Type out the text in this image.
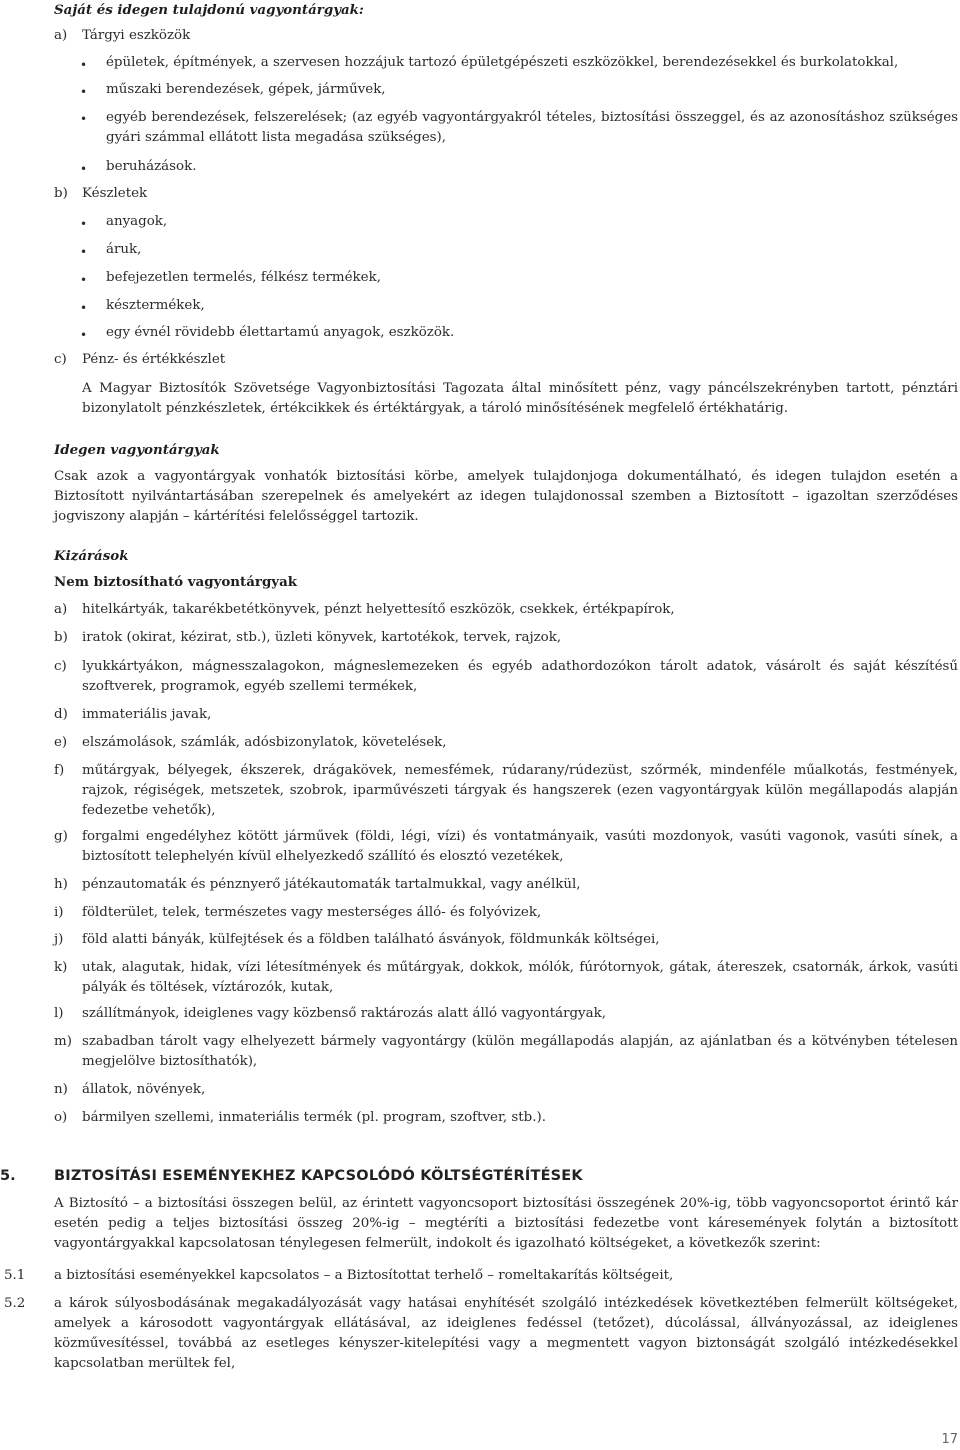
Saját és idegen tulajdonú vagyontárgyak:
a) Tárgyi eszközök
• épületek, építmények, a szervesen hozzájuk tartozó épületgépészeti eszközökkel, berendezésekkel és burkolatokkal,
• műszaki berendezések, gépek, járművek,
• egyéb berendezések, felszerelések; (az egyéb vagyontárgyakról tételes, biztosítási összeggel, és az azonosításhoz szükséges gyári számmal ellátott lista megadása szükséges),
• beruházások.
b) Készletek
• anyagok,
• áruk,
• befejezetlen termelés, félkész termékek,
• késztermékek,
• egy évnél rövidebb élettartamú anyagok, eszközök.
c) Pénz- és értékkészlet
A Magyar Biztosítók Szövetsége Vagyonbiztosítási Tagozata által minősített pénz, vagy páncélszekrényben tartott, pénztári bizonylatolt pénzkészletek, értékcikkek és értéktárgyak, a tároló minősítésének megfelelő értékhatárig.
Idegen vagyontárgyak
Csak azok a vagyontárgyak vonhatók biztosítási körbe, amelyek tulajdonjoga dokumentálható, és idegen tulajdon esetén a Biztosított nyilvántartásában szerepelnek és amelyekért az idegen tulajdonossal szemben a Biztosított – igazoltan szerződéses jogviszony alapján – kártérítési felelősséggel tartozik.
Kizárások
Nem biztosítható vagyontárgyak
a) hitelkártyák, takarékbetétkönyvek, pénzt helyettesítő eszközök, csekkek, értékpapírok,
b) iratok (okirat, kézirat, stb.), üzleti könyvek, kartotékok, tervek, rajzok,
c) lyukkártyákon, mágnesszalagokon, mágneslemezeken és egyéb adathordozókon tárolt adatok, vásárolt és saját készítésű szoftverek, programok, egyéb szellemi termékek,
d) immateriális javak,
e) elszámolások, számlák, adósbizonylatok, követelések,
f) műtárgyak, bélyegek, ékszerek, drágakövek, nemesfémek, rúdarany/rúdezüst, szőrmék, mindenféle műalkotás, festmények, rajzok, régiségek, metszetek, szobrok, iparművészeti tárgyak és hangszerek (ezen vagyontárgyak külön megállapodás alapján fedezetbe vehetők),
g) forgalmi engedélyhez kötött járművek (földi, légi, vízi) és vontatmányaik, vasúti mozdonyok, vasúti vagonok, vasúti sínek, a biztosított telephelyén kívül elhelyezkedő szállító és elosztó vezetékek,
h) pénzautomaták és pénznyerő játékautomaták tartalmukkal, vagy anélkül,
i) földterület, telek, természetes vagy mesterséges álló- és folyóvizek,
j) föld alatti bányák, külfejtések és a földben található ásványok, földmunkák költségei,
k) utak, alagutak, hidak, vízi létesítmények és műtárgyak, dokkok, mólók, fúrótornyok, gátak, átereszek, csatornák, árkok, vasúti pályák és töltések, víztározók, kutak,
l) szállítmányok, ideiglenes vagy közbenső raktározás alatt álló vagyontárgyak,
m) szabadban tárolt vagy elhelyezett bármely vagyontárgy (külön megállapodás alapján, az ajánlatban és a kötvényben tételesen megjelölve biztosíthatók),
n) állatok, növények,
o) bármilyen szellemi, inmateriális termék (pl. program, szoftver, stb.).
5.	BIZTOSÍTÁSI ESEMÉNYEKHEZ KAPCSOLÓDÓ KÖLTSÉGTÉRÍTÉSEK
A Biztosító – a biztosítási összegen belül, az érintett vagyoncsoport biztosítási összegének 20%-ig, több vagyoncsoportot érintő kár esetén pedig a teljes biztosítási összeg 20%-ig – megtéríti a biztosítási fedezetbe vont káresemények folytán a biztosított vagyontárgyakkal kapcsolatosan ténylegesen felmerült, indokolt és igazolható költségeket, a következők szerint:
5.1 a biztosítási eseményekkel kapcsolatos – a Biztosítottat terhelő – romeltakarítás költségeit,
5.2 a károk súlyosbodásának megakadályozását vagy hatásai enyhítését szolgáló intézkedések következtében felmerült költségeket, amelyek a károsodott vagyontárgyak ellátásával, az ideiglenes fedéssel (tetőzet), dúcolással, állványozással, az ideiglenes közművesítéssel, továbbá az esetleges kényszer-kitelepítési vagy a megmentett vagyon biztonságát szolgáló intézkedésekkel kapcsolatban merültek fel,
17
